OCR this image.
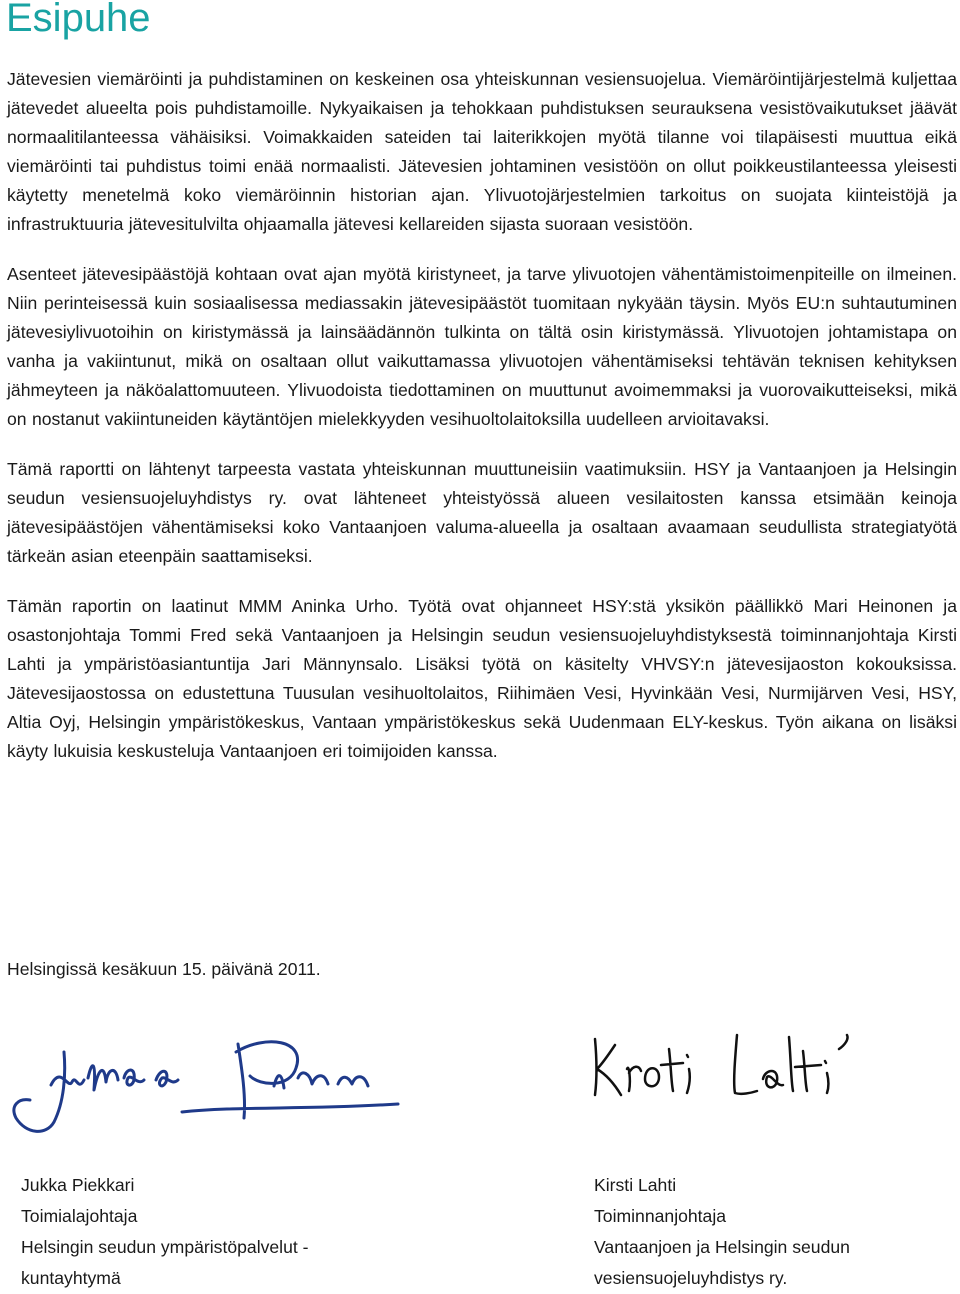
Esipuhe

Jätevesien viemäröinti ja puhdistaminen on keskeinen osa yhteiskunnan vesiensuojelua. Viemäröintijärjestelmä kuljettaa jätevedet alueelta pois puhdistamoille. Nykyaikaisen ja tehokkaan puhdistuksen seurauksena vesistövaikutukset jäävät normaalitilanteessa vähäisiksi. Voimakkaiden sateiden tai laiterikkojen myötä tilanne voi tilapäisesti muuttua eikä viemäröinti tai puhdistus toimi enää normaalisti. Jätevesien johtaminen vesistöön on ollut poikkeustilanteessa yleisesti käytetty menetelmä koko viemäröinnin historian ajan. Ylivuotojärjestelmien tarkoitus on suojata kiinteistöjä ja infrastruktuuria jätevesitulvilta ohjaamalla jätevesi kellareiden sijasta suoraan vesistöön.

Asenteet jätevesipäästöjä kohtaan ovat ajan myötä kiristyneet, ja tarve ylivuotojen vähentämistoimenpiteille on ilmeinen. Niin perinteisessä kuin sosiaalisessa mediassakin jätevesipäästöt tuomitaan nykyään täysin. Myös EU:n suhtautuminen jätevesiylivuotoihin on kiristymässä ja lainsäädännön tulkinta on tältä osin kiristymässä. Ylivuotojen johtamistapa on vanha ja vakiintunut, mikä on osaltaan ollut vaikuttamassa ylivuotojen vähentämiseksi tehtävän teknisen kehityksen jähmeyteen ja näköalattomuuteen. Ylivuodoista tiedottaminen on muuttunut avoimemmaksi ja vuorovaikutteiseksi, mikä on nostanut vakiintuneiden käytäntöjen mielekkyyden vesihuoltolaitoksilla uudelleen arvioitavaksi.

Tämä raportti on lähtenyt tarpeesta vastata yhteiskunnan muuttuneisiin vaatimuksiin. HSY ja Vantaanjoen ja Helsingin seudun vesiensuojeluyhdistys ry. ovat lähteneet yhteistyössä alueen vesilaitosten kanssa etsimään keinoja jätevesipäästöjen vähentämiseksi koko Vantaanjoen valuma-alueella ja osaltaan avaamaan seudullista strategiatyötä tärkeän asian eteenpäin saattamiseksi.

Tämän raportin on laatinut MMM Aninka Urho. Työtä ovat ohjanneet HSY:stä yksikön päällikkö Mari Heinonen ja osastonjohtaja Tommi Fred sekä Vantaanjoen ja Helsingin seudun vesiensuojeluyhdistyksestä toiminnanjohtaja Kirsti Lahti ja ympäristöasiantuntija Jari Männynsalo. Lisäksi työtä on käsitelty VHVSY:n jätevesijaoston kokouksissa. Jätevesijaostossa on edustettuna Tuusulan vesihuoltolaitos, Riihimäen Vesi, Hyvinkään Vesi, Nurmijärven Vesi, HSY, Altia Oyj, Helsingin ympäristökeskus, Vantaan ympäristökeskus sekä Uudenmaan ELY-keskus. Työn aikana on lisäksi käyty lukuisia keskusteluja Vantaanjoen eri toimijoiden kanssa.

Helsingissä kesäkuun 15. päivänä 2011.
Jukka Piekkari
Toimialajohtaja
Helsingin seudun ympäristöpalvelut -
kuntayhtymä
Kirsti Lahti
Toiminnanjohtaja
Vantaanjoen ja Helsingin seudun
vesiensuojeluyhdistys ry.
